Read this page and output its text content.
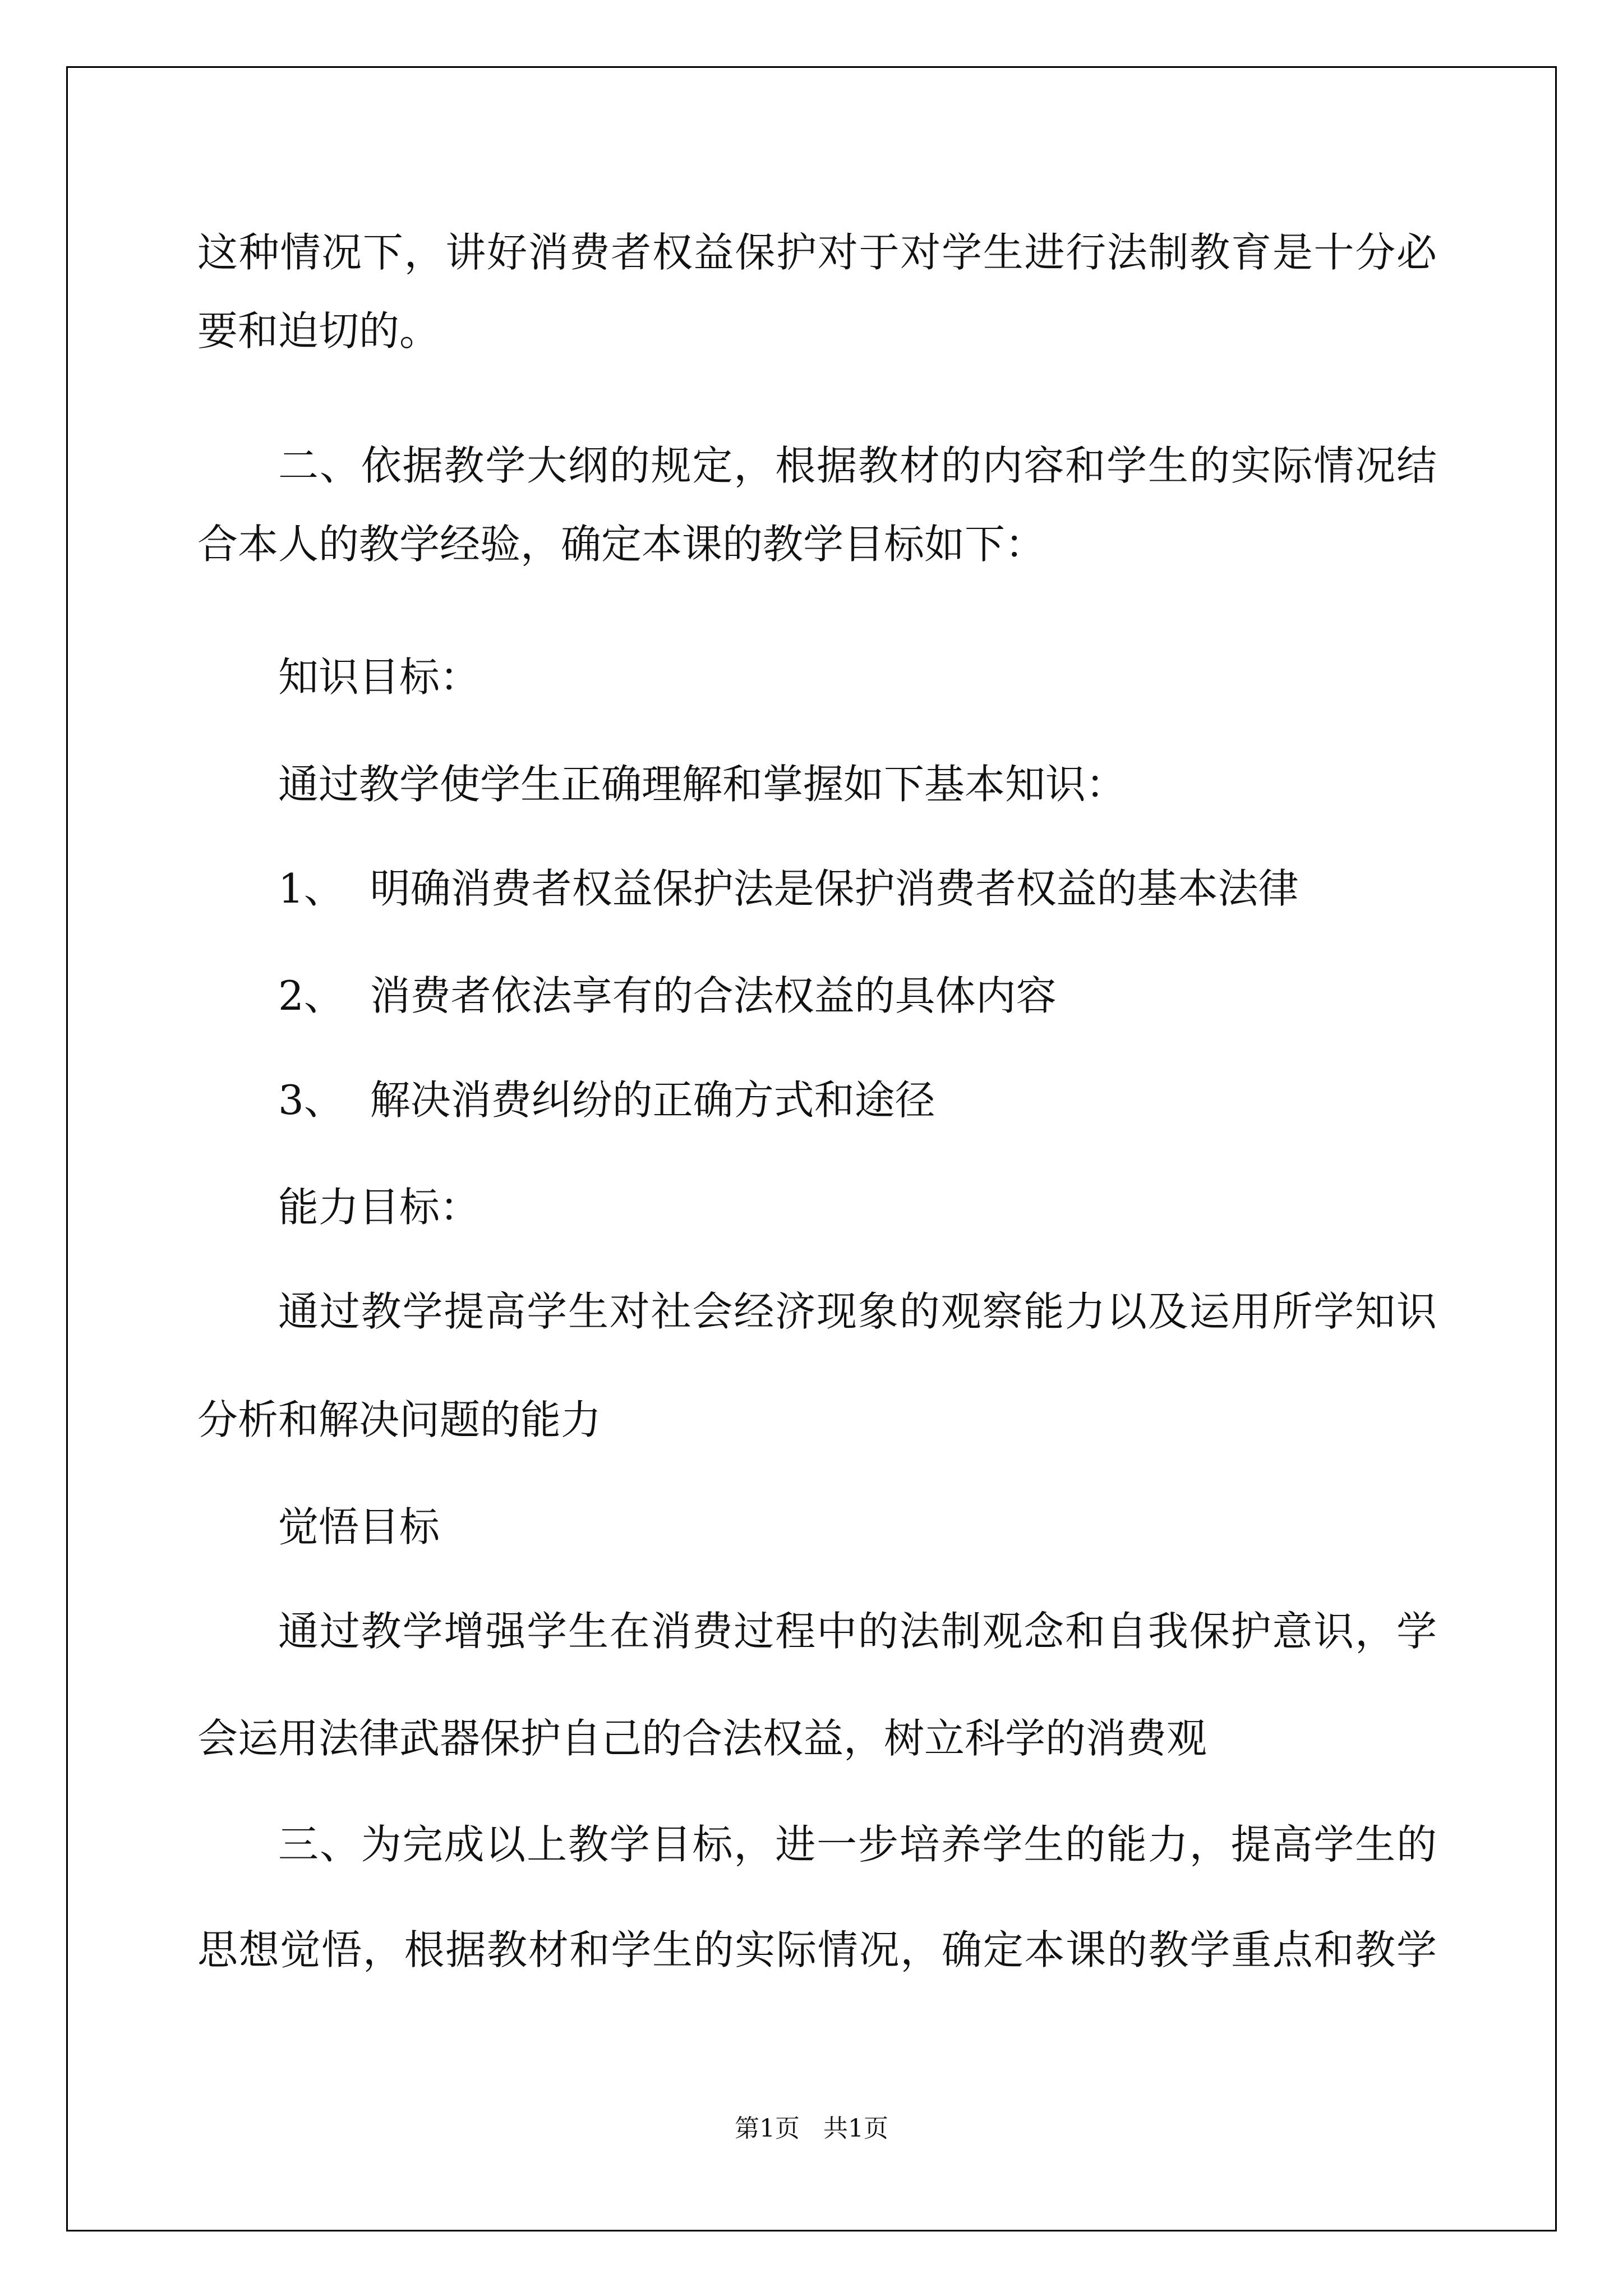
这种情况下，讲好消费者权益保护对于对学生进行法制教育是十分必

要和迫切的。

二、依据教学大纲的规定，根据教材的内容和学生的实际情况结

合本人的教学经验，确定本课的教学目标如下：

知识目标：

通过教学使学生正确理解和掌握如下基本知识：

1、  明确消费者权益保护法是保护消费者权益的基本法律

2、  消费者依法享有的合法权益的具体内容

3、  解决消费纠纷的正确方式和途径

能力目标：

通过教学提高学生对社会经济现象的观察能力以及运用所学知识

分析和解决问题的能力

觉悟目标

通过教学增强学生在消费过程中的法制观念和自我保护意识，学

会运用法律武器保护自己的合法权益，树立科学的消费观

三、为完成以上教学目标，进一步培养学生的能力，提高学生的

思想觉悟，根据教材和学生的实际情况，确定本课的教学重点和教学

第1页   共1页
